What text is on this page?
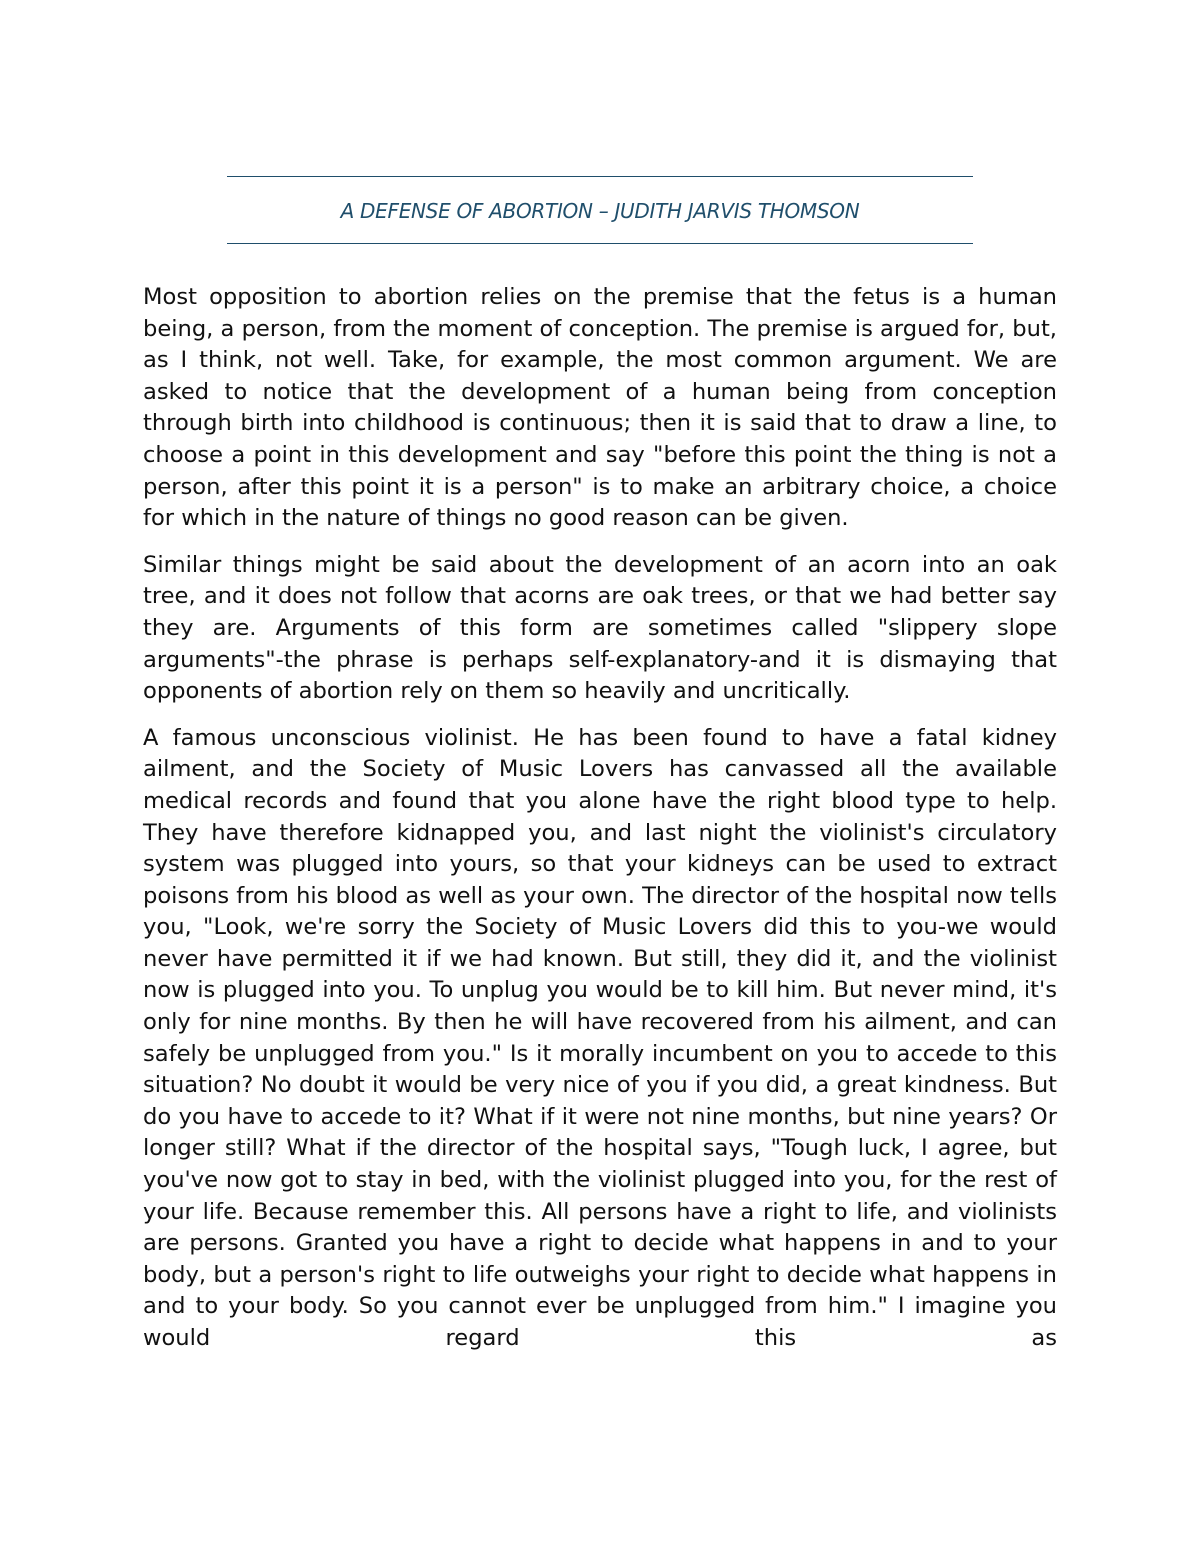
A DEFENSE OF ABORTION – JUDITH JARVIS THOMSON

Most opposition to abortion relies on the premise that the fetus is a human being, a person, from the moment of conception. The premise is argued for, but, as I think, not well. Take, for example, the most common argument. We are asked to notice that the development of a human being from conception through birth into childhood is continuous; then it is said that to draw a line, to choose a point in this development and say "before this point the thing is not a person, after this point it is a person" is to make an arbitrary choice, a choice for which in the nature of things no good reason can be given.

Similar things might be said about the development of an acorn into an oak tree, and it does not follow that acorns are oak trees, or that we had better say they are. Arguments of this form are sometimes called "slippery slope arguments"-the phrase is perhaps self-explanatory-and it is dismaying that opponents of abortion rely on them so heavily and uncritically.

A famous unconscious violinist. He has been found to have a fatal kidney ailment, and the Society of Music Lovers has canvassed all the available medical records and found that you alone have the right blood type to help. They have therefore kidnapped you, and last night the violinist's circulatory system was plugged into yours, so that your kidneys can be used to extract poisons from his blood as well as your own. The director of the hospital now tells you, "Look, we're sorry the Society of Music Lovers did this to you-we would never have permitted it if we had known. But still, they did it, and the violinist now is plugged into you. To unplug you would be to kill him. But never mind, it's only for nine months. By then he will have recovered from his ailment, and can safely be unplugged from you." Is it morally incumbent on you to accede to this situation? No doubt it would be very nice of you if you did, a great kindness. But do you have to accede to it? What if it were not nine months, but nine years? Or longer still? What if the director of the hospital says, "Tough luck, I agree, but you've now got to stay in bed, with the violinist plugged into you, for the rest of your life. Because remember this. All persons have a right to life, and violinists are persons. Granted you have a right to decide what happens in and to your body, but a person's right to life outweighs your right to decide what happens in and to your body. So you cannot ever be unplugged from him." I imagine you would regard this as
